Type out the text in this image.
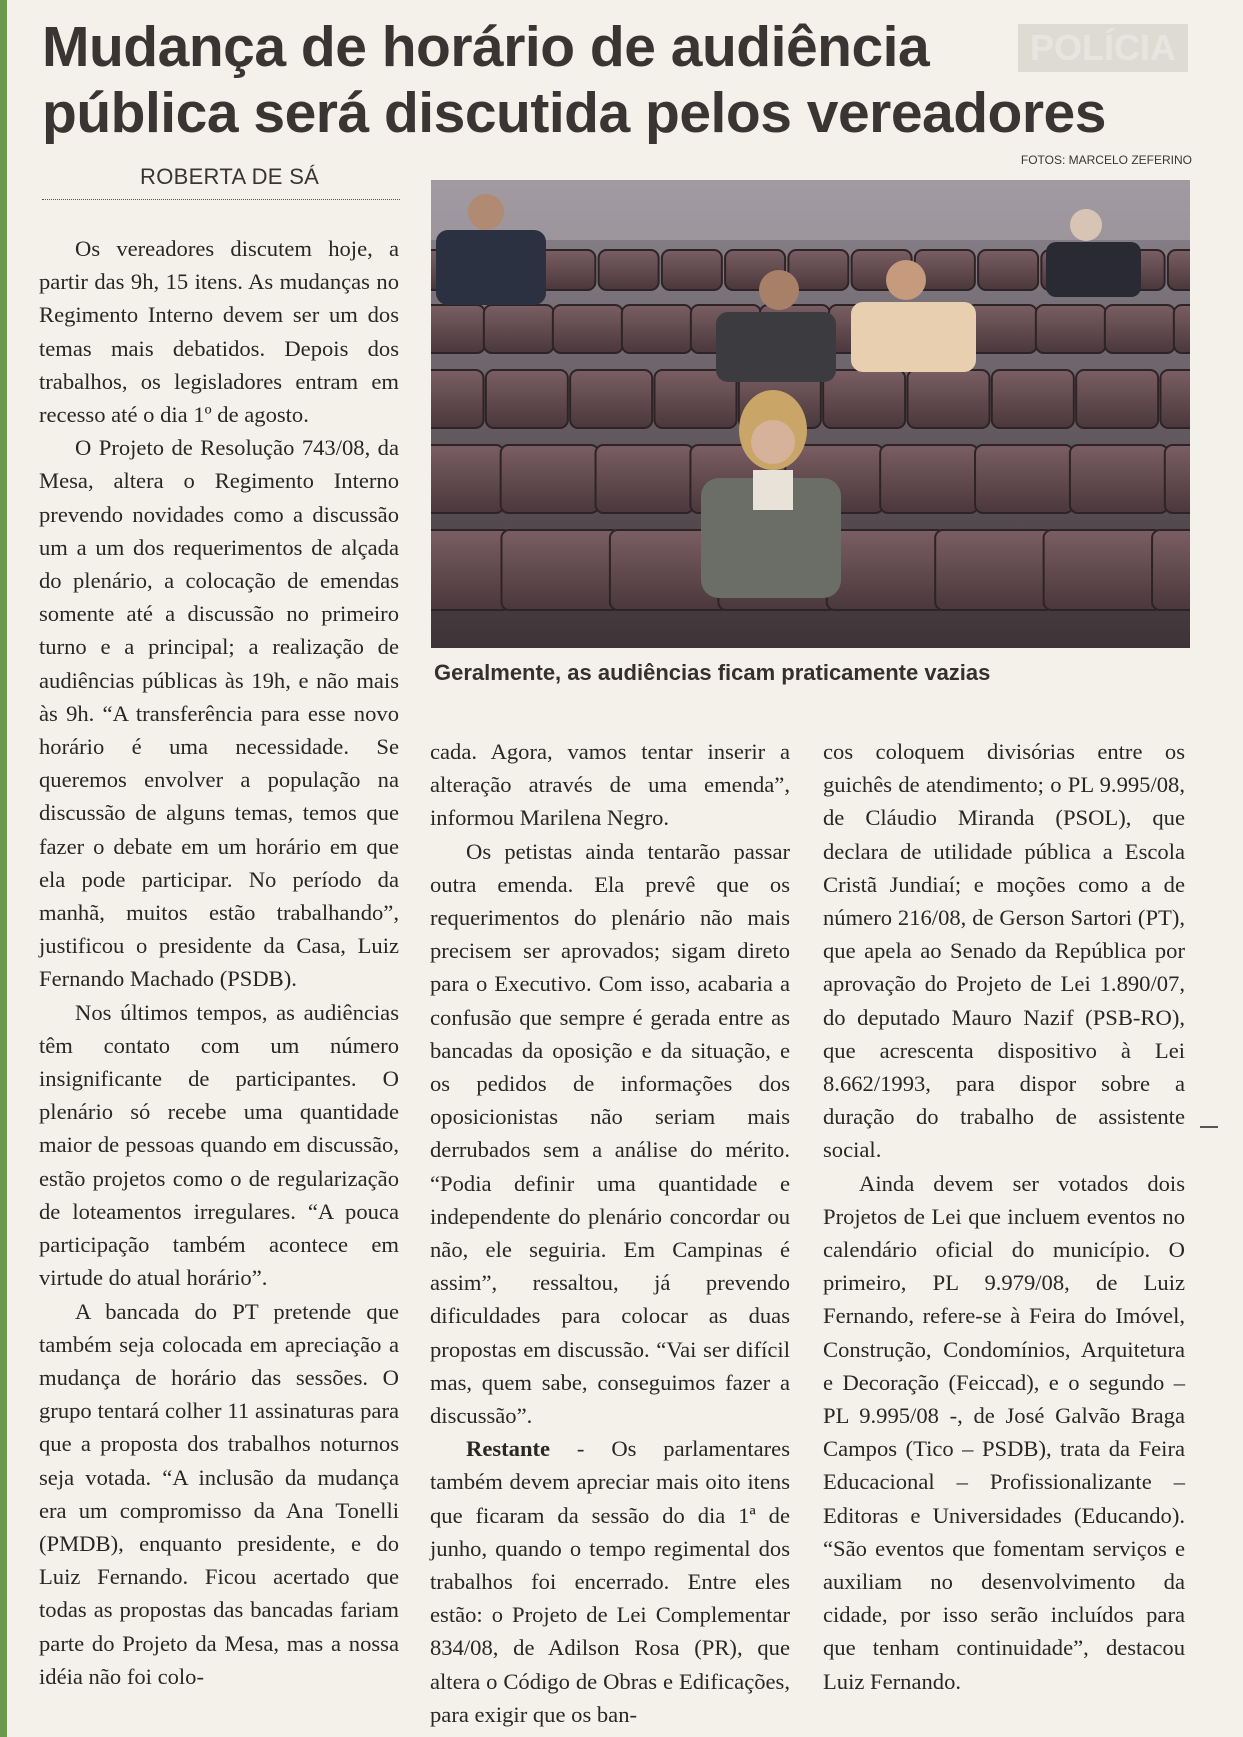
Mudança de horário de audiência
pública será discutida pelos vereadores
POLÍCIA
FOTOS: MARCELO ZEFERINO
ROBERTA DE SÁ
Geralmente, as audiências ficam praticamente vazias

Os vereadores discutem hoje, a partir das 9h, 15 itens. As mudanças no Regimento Interno devem ser um dos temas mais debatidos. Depois dos trabalhos, os legisladores entram em recesso até o dia 1º de agosto.

O Projeto de Resolução 743/08, da Mesa, altera o Regimento Interno prevendo novidades como a discussão um a um dos requerimentos de alçada do plenário, a colocação de emendas somente até a discussão no primeiro turno e a principal; a realização de audiências públicas às 19h, e não mais às 9h. “A transferência para esse novo horário é uma necessidade. Se queremos envolver a população na discussão de alguns temas, temos que fazer o debate em um horário em que ela pode participar. No período da manhã, muitos estão trabalhando”, justificou o presidente da Casa, Luiz Fernando Machado (PSDB).

Nos últimos tempos, as audiências têm contato com um número insignificante de participantes. O plenário só recebe uma quantidade maior de pessoas quando em discussão, estão projetos como o de regularização de loteamentos irregulares. “A pouca participação também acontece em virtude do atual horário”.

A bancada do PT pretende que também seja colocada em apreciação a mudança de horário das sessões. O grupo tentará colher 11 assinaturas para que a proposta dos trabalhos noturnos seja votada. “A inclusão da mudança era um compromisso da Ana Tonelli (PMDB), enquanto presidente, e do Luiz Fernando. Ficou acertado que todas as propostas das bancadas fariam parte do Projeto da Mesa, mas a nossa idéia não foi colo-

cada. Agora, vamos tentar inserir a alteração através de uma emenda”, informou Marilena Negro.

Os petistas ainda tentarão passar outra emenda. Ela prevê que os requerimentos do plenário não mais precisem ser aprovados; sigam direto para o Executivo. Com isso, acabaria a confusão que sempre é gerada entre as bancadas da oposição e da situação, e os pedidos de informações dos oposicionistas não seriam mais derrubados sem a análise do mérito. “Podia definir uma quantidade e independente do plenário concordar ou não, ele seguiria. Em Campinas é assim”, ressaltou, já prevendo dificuldades para colocar as duas propostas em discussão. “Vai ser difícil mas, quem sabe, conseguimos fazer a discussão”.

Restante - Os parlamentares também devem apreciar mais oito itens que ficaram da sessão do dia 1ª de junho, quando o tempo regimental dos trabalhos foi encerrado. Entre eles estão: o Projeto de Lei Complementar 834/08, de Adilson Rosa (PR), que altera o Código de Obras e Edificações, para exigir que os ban-

cos coloquem divisórias entre os guichês de atendimento; o PL 9.995/08, de Cláudio Miranda (PSOL), que declara de utilidade pública a Escola Cristã Jundiaí; e moções como a de número 216/08, de Gerson Sartori (PT), que apela ao Senado da República por aprovação do Projeto de Lei 1.890/07, do deputado Mauro Nazif (PSB-RO), que acrescenta dispositivo à Lei 8.662/1993, para dispor sobre a duração do trabalho de assistente social.

Ainda devem ser votados dois Projetos de Lei que incluem eventos no calendário oficial do município. O primeiro, PL 9.979/08, de Luiz Fernando, refere-se à Feira do Imóvel, Construção, Condomínios, Arquitetura e Decoração (Feiccad), e o segundo – PL 9.995/08 -, de José Galvão Braga Campos (Tico – PSDB), trata da Feira Educacional – Profissionalizante – Editoras e Universidades (Educando). “São eventos que fomentam serviços e auxiliam no desenvolvimento da cidade, por isso serão incluídos para que tenham continuidade”, destacou Luiz Fernando.
